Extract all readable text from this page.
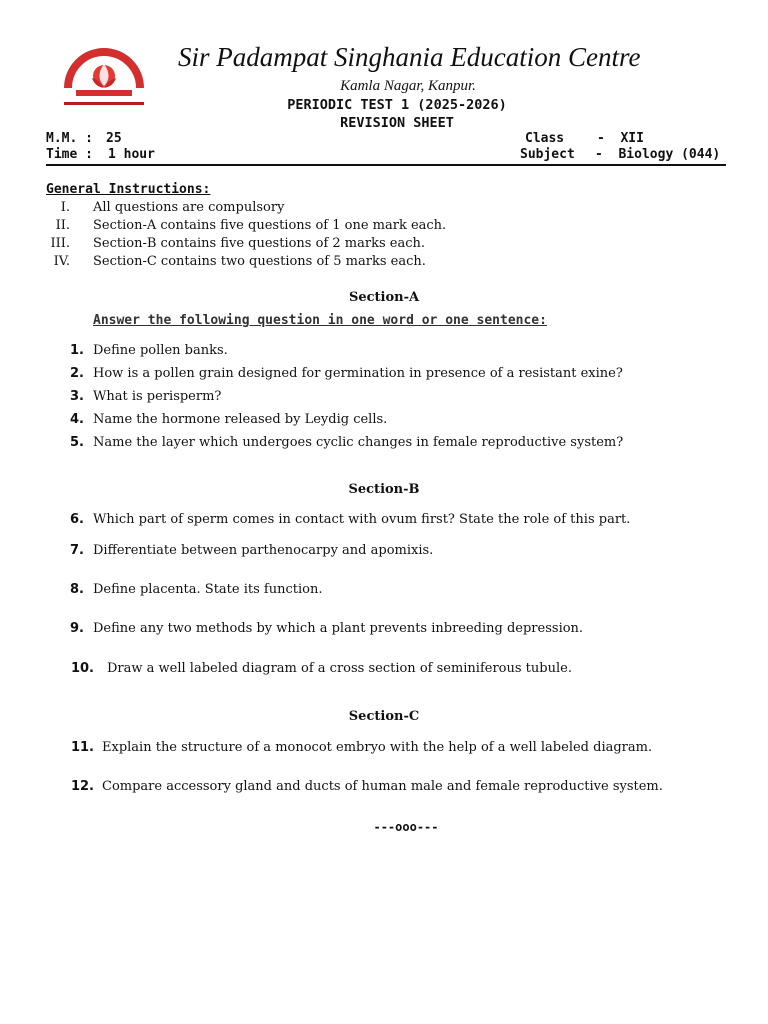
Sir Padampat Singhania Education Centre
Kamla Nagar, Kanpur.
PERIODIC TEST 1 (2025-2026)
REVISION SHEET
M.M. : 25
Time : 1 hour
Class	-  XII
Subject -  Biology (044)
General Instructions:
I. All questions are compulsory
II. Section-A contains five questions of 1 one mark each.
III. Section-B contains five questions of 2 marks each.
IV. Section-C contains two questions of 5 marks each.
Section-A
Answer the following question in one word or one sentence:
1. Define pollen banks.
2. How is a pollen grain designed for germination in presence of a resistant exine?
3. What is perisperm?
4. Name the hormone released by Leydig cells.
5. Name the layer which undergoes cyclic changes in female reproductive system?
Section-B
6. Which part of sperm comes in contact with ovum first? State the role of this part.
7. Differentiate between parthenocarpy and apomixis.
8. Define placenta. State its function.
9. Define any two methods by which a plant prevents inbreeding depression.
10. Draw a well labeled diagram of a cross section of seminiferous tubule.
Section-C
11. Explain the structure of a monocot embryo with the help of a well labeled diagram.
12. Compare accessory gland and ducts of human male and female reproductive system.
---ooo---
